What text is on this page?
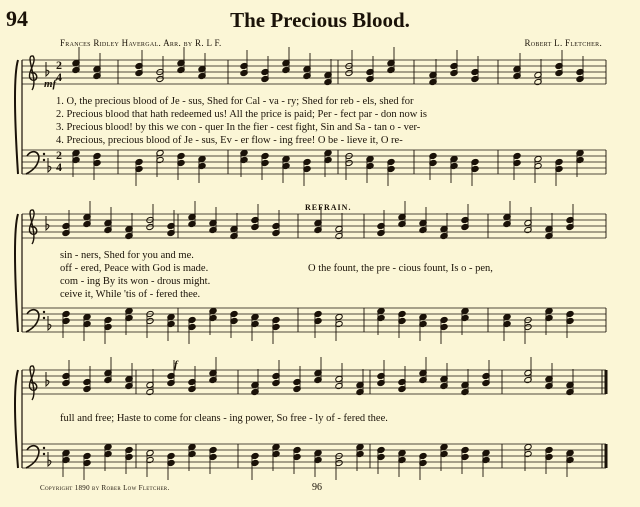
94	The Precious Blood.
Frances Ridley Havergal. Arr. by R. L F.	Robert L. Fletcher.
2
4
2
4
mf
f
1. O, the precious blood of Je - sus, Shed for Cal - va - ry; Shed for reb - els, shed for
2. Precious blood that hath redeemed us! All the price is paid; Per - fect par - don now is
3. Precious blood! by this we con - quer In the fier - cest fight, Sin and Sa - tan o - ver-
4. Precious, precious blood of Je - sus, Ev - er flow - ing free! O be - lieve it, O re-
REFRAIN.
sin - ners, Shed for you and me.
off - ered, Peace with God is made.
com - ing By its won - drous might.
ceive it, While 'tis of - fered thee.
O the fount, the pre - cious fount, Is o - pen,
full and free; Haste to come for cleans - ing power, So free - ly of - fered thee.
Copyright 1890 by Rober Low Fletcher.	96
